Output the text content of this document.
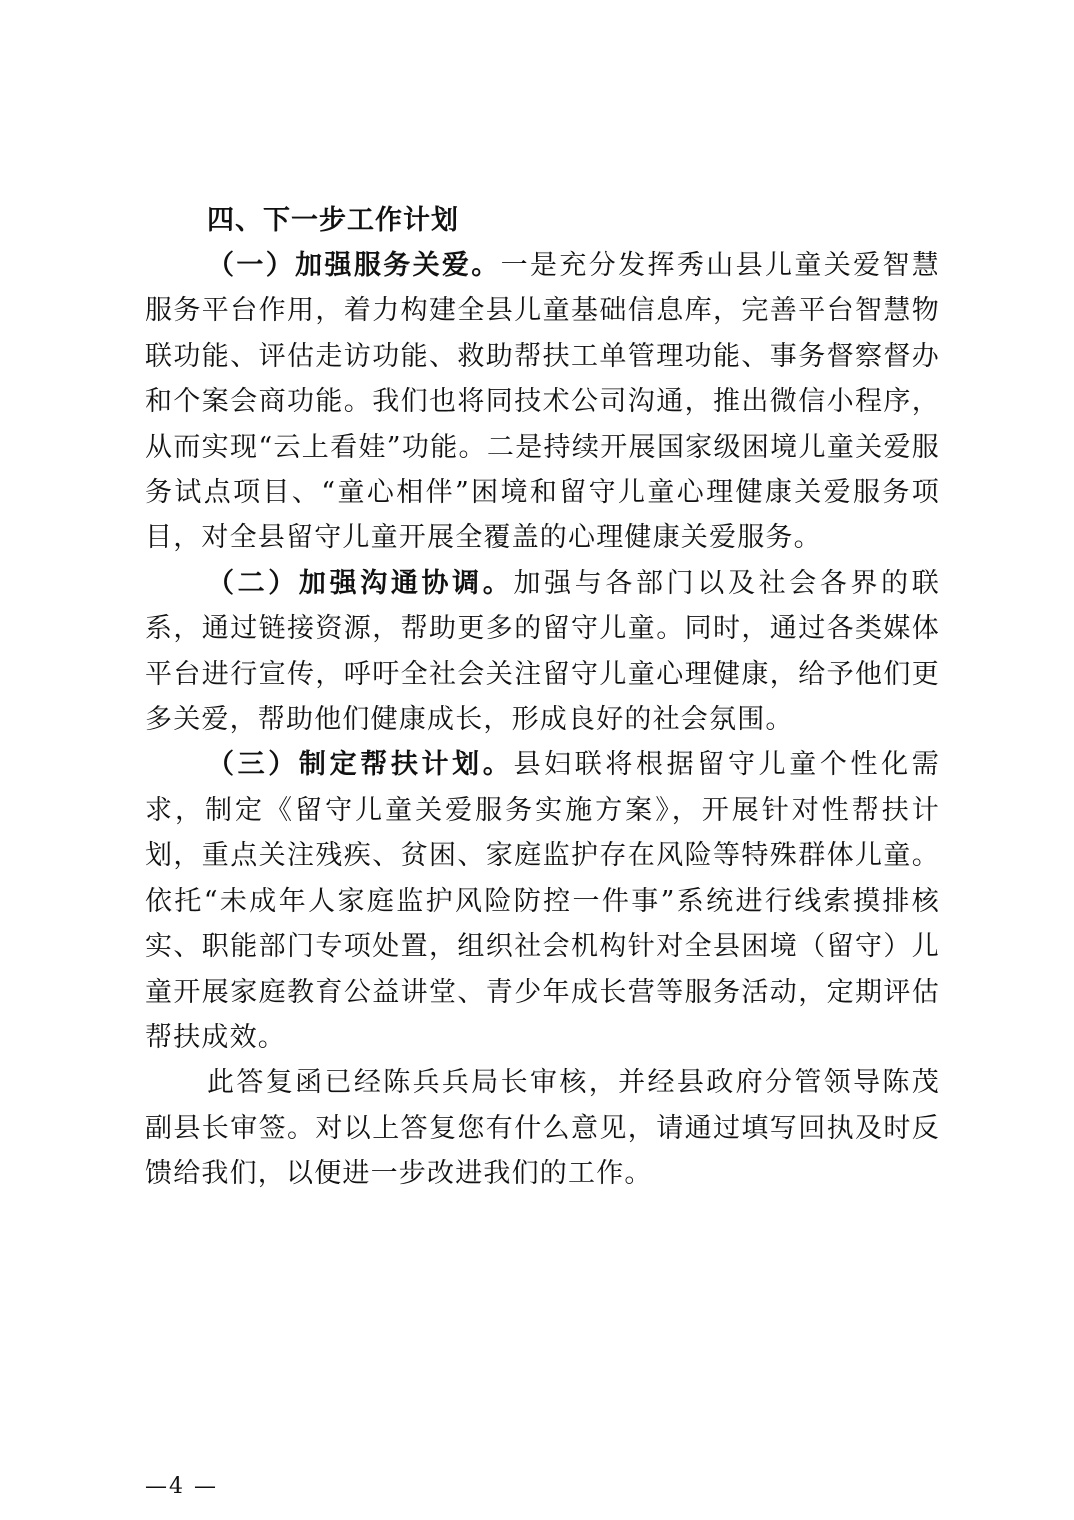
四、下一步工作计划

（一）加强服务关爱。一是充分发挥秀山县儿童关爱智慧服务平台作用，着力构建全县儿童基础信息库，完善平台智慧物联功能、评估走访功能、救助帮扶工单管理功能、事务督察督办和个案会商功能。我们也将同技术公司沟通，推出微信小程序，从而实现“云上看娃”功能。二是持续开展国家级困境儿童关爱服务试点项目、“童心相伴”困境和留守儿童心理健康关爱服务项目，对全县留守儿童开展全覆盖的心理健康关爱服务。

（二）加强沟通协调。加强与各部门以及社会各界的联系，通过链接资源，帮助更多的留守儿童。同时，通过各类媒体平台进行宣传，呼吁全社会关注留守儿童心理健康，给予他们更多关爱，帮助他们健康成长，形成良好的社会氛围。

（三）制定帮扶计划。县妇联将根据留守儿童个性化需求，制定《留守儿童关爱服务实施方案》，开展针对性帮扶计划，重点关注残疾、贫困、家庭监护存在风险等特殊群体儿童。依托“未成年人家庭监护风险防控一件事”系统进行线索摸排核实、职能部门专项处置，组织社会机构针对全县困境（留守）儿童开展家庭教育公益讲堂、青少年成长营等服务活动，定期评估帮扶成效。

此答复函已经陈兵兵局长审核，并经县政府分管领导陈茂副县长审签。对以上答复您有什么意见，请通过填写回执及时反馈给我们，以便进一步改进我们的工作。

—4 —
